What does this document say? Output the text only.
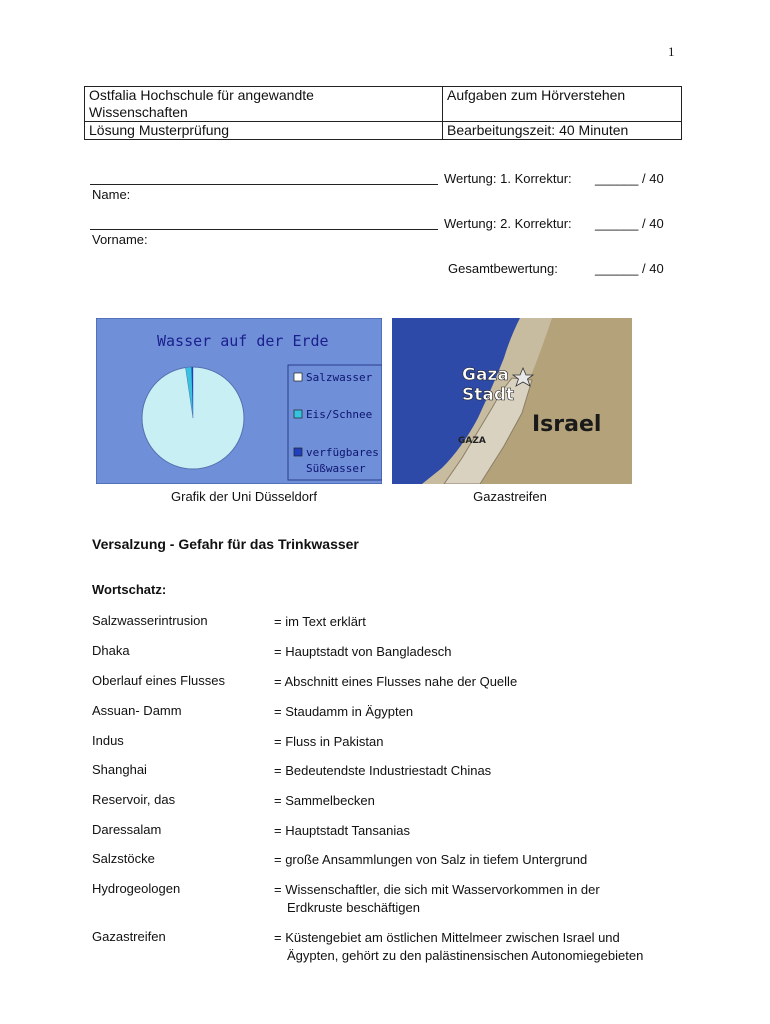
1
Ostfalia Hochschule für angewandte
Wissenschaften	Aufgaben zum Hörverstehen
Lösung Musterprüfung	Bearbeitungszeit: 40 Minuten
Wertung: 1. Korrektur: ______ / 40
Name:
Wertung: 2. Korrektur: ______ / 40
Vorname:
Gesamtbewertung:	______ / 40
Wasser auf der Erde
Salzwasser
Eis/Schnee
verfügbares
Süßwasser
Grafik der Uni Düsseldorf
Gaza
Stadt
Israel
GAZA
Gazastreifen
Versalzung - Gefahr für das Trinkwasser
Wortschatz:
Salzwasserintrusion	= im Text erklärt
Dhaka	= Hauptstadt von Bangladesch
Oberlauf eines Flusses	= Abschnitt eines Flusses nahe der Quelle
Assuan- Damm	= Staudamm in Ägypten
Indus	= Fluss in Pakistan
Shanghai	= Bedeutendste Industriestadt Chinas
Reservoir, das	= Sammelbecken
Daressalam	= Hauptstadt Tansanias
Salzstöcke	= große Ansammlungen von Salz in tiefem Untergrund
Hydrogeologen	= Wissenschaftler, die sich mit Wasservorkommen in der
Erdkruste beschäftigen
Gazastreifen	= Küstengebiet am östlichen Mittelmeer zwischen Israel und
Ägypten, gehört zu den palästinensischen Autonomiegebieten
